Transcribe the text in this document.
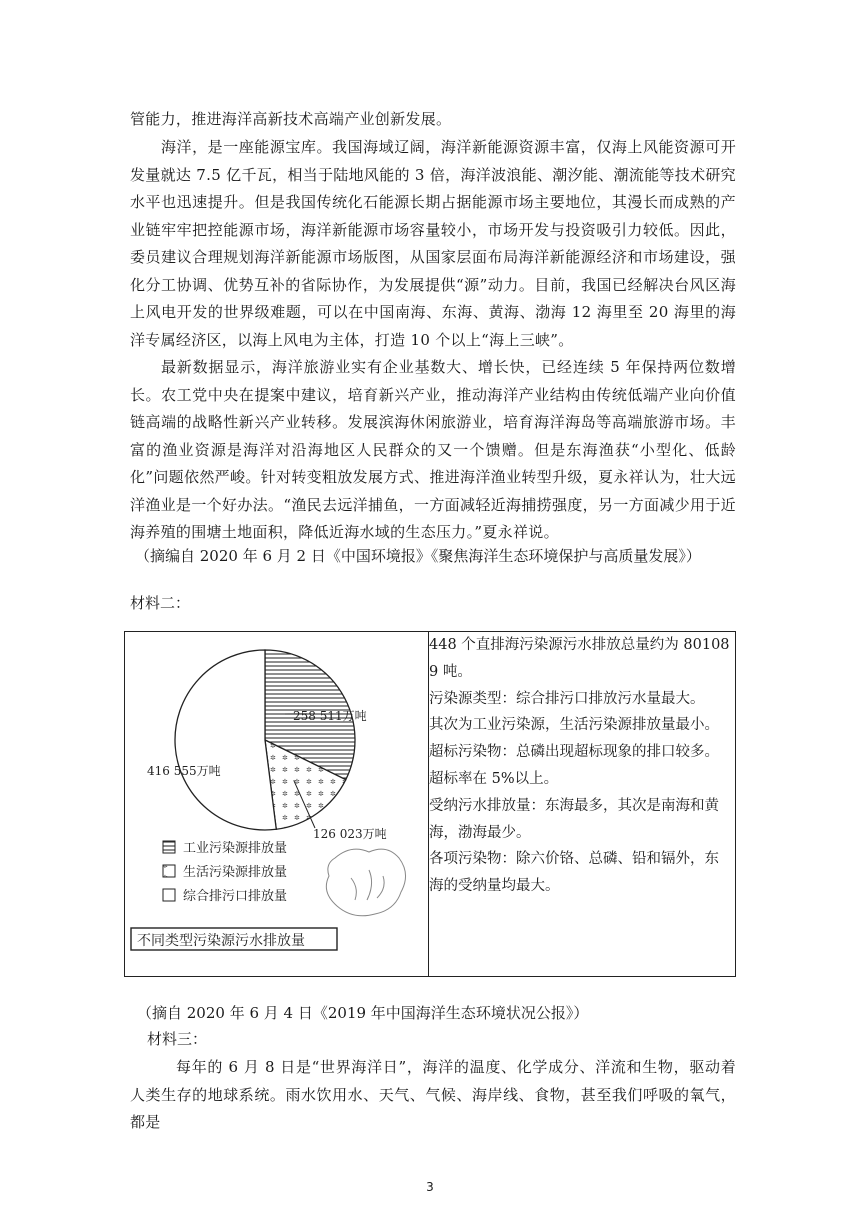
管能力，推进海洋高新技术高端产业创新发展。

海洋，是一座能源宝库。我国海域辽阔，海洋新能源资源丰富，仅海上风能资源可开发量就达 7.5 亿千瓦，相当于陆地风能的 3 倍，海洋波浪能、潮汐能、潮流能等技术研究水平也迅速提升。但是我国传统化石能源长期占据能源市场主要地位，其漫长而成熟的产业链牢牢把控能源市场，海洋新能源市场容量较小，市场开发与投资吸引力较低。因此，委员建议合理规划海洋新能源市场版图，从国家层面布局海洋新能源经济和市场建设，强化分工协调、优势互补的省际协作，为发展提供“源”动力。目前，我国已经解决台风区海上风电开发的世界级难题，可以在中国南海、东海、黄海、渤海 12 海里至 20 海里的海洋专属经济区，以海上风电为主体，打造 10 个以上“海上三峡”。

最新数据显示，海洋旅游业实有企业基数大、增长快，已经连续 5 年保持两位数增长。农工党中央在提案中建议，培育新兴产业，推动海洋产业结构由传统低端产业向价值链高端的战略性新兴产业转移。发展滨海休闲旅游业，培育海洋海岛等高端旅游市场。丰富的渔业资源是海洋对沿海地区人民群众的又一个馈赠。但是东海渔获“小型化、低龄化”问题依然严峻。针对转变粗放发展方式、推进海洋渔业转型升级，夏永祥认为，壮大远洋渔业是一个好办法。“渔民去远洋捕鱼，一方面减轻近海捕捞强度，另一方面减少用于近海养殖的围塘土地面积，降低近海水域的生态压力。”夏永祥说。

（摘编自 2020 年 6 月 2 日《中国环境报》《聚焦海洋生态环境保护与高质量发展》）

材料二：

258 511万吨
126 023万吨
416 555万吨
工业污染源排放量
生活污染源排放量
综合排污口排放量
不同类型污染源污水排放量

448 个直排海污染源污水排放总量约为 80108

9 吨。

污染源类型：综合排污口排放污水量最大。

其次为工业污染源，生活污染源排放量最小。

超标污染物：总磷出现超标现象的排口较多。

超标率在 5%以上。

受纳污水排放量：东海最多，其次是南海和黄

海，渤海最少。

各项污染物：除六价铬、总磷、铅和镉外，东

海的受纳量均最大。

（摘自 2020 年 6 月 4 日《2019 年中国海洋生态环境状况公报》）

材料三：

每年的 6 月 8 日是“世界海洋日”，海洋的温度、化学成分、洋流和生物，驱动着人类生存的地球系统。雨水饮用水、天气、气候、海岸线、食物，甚至我们呼吸的氧气，都是

3
